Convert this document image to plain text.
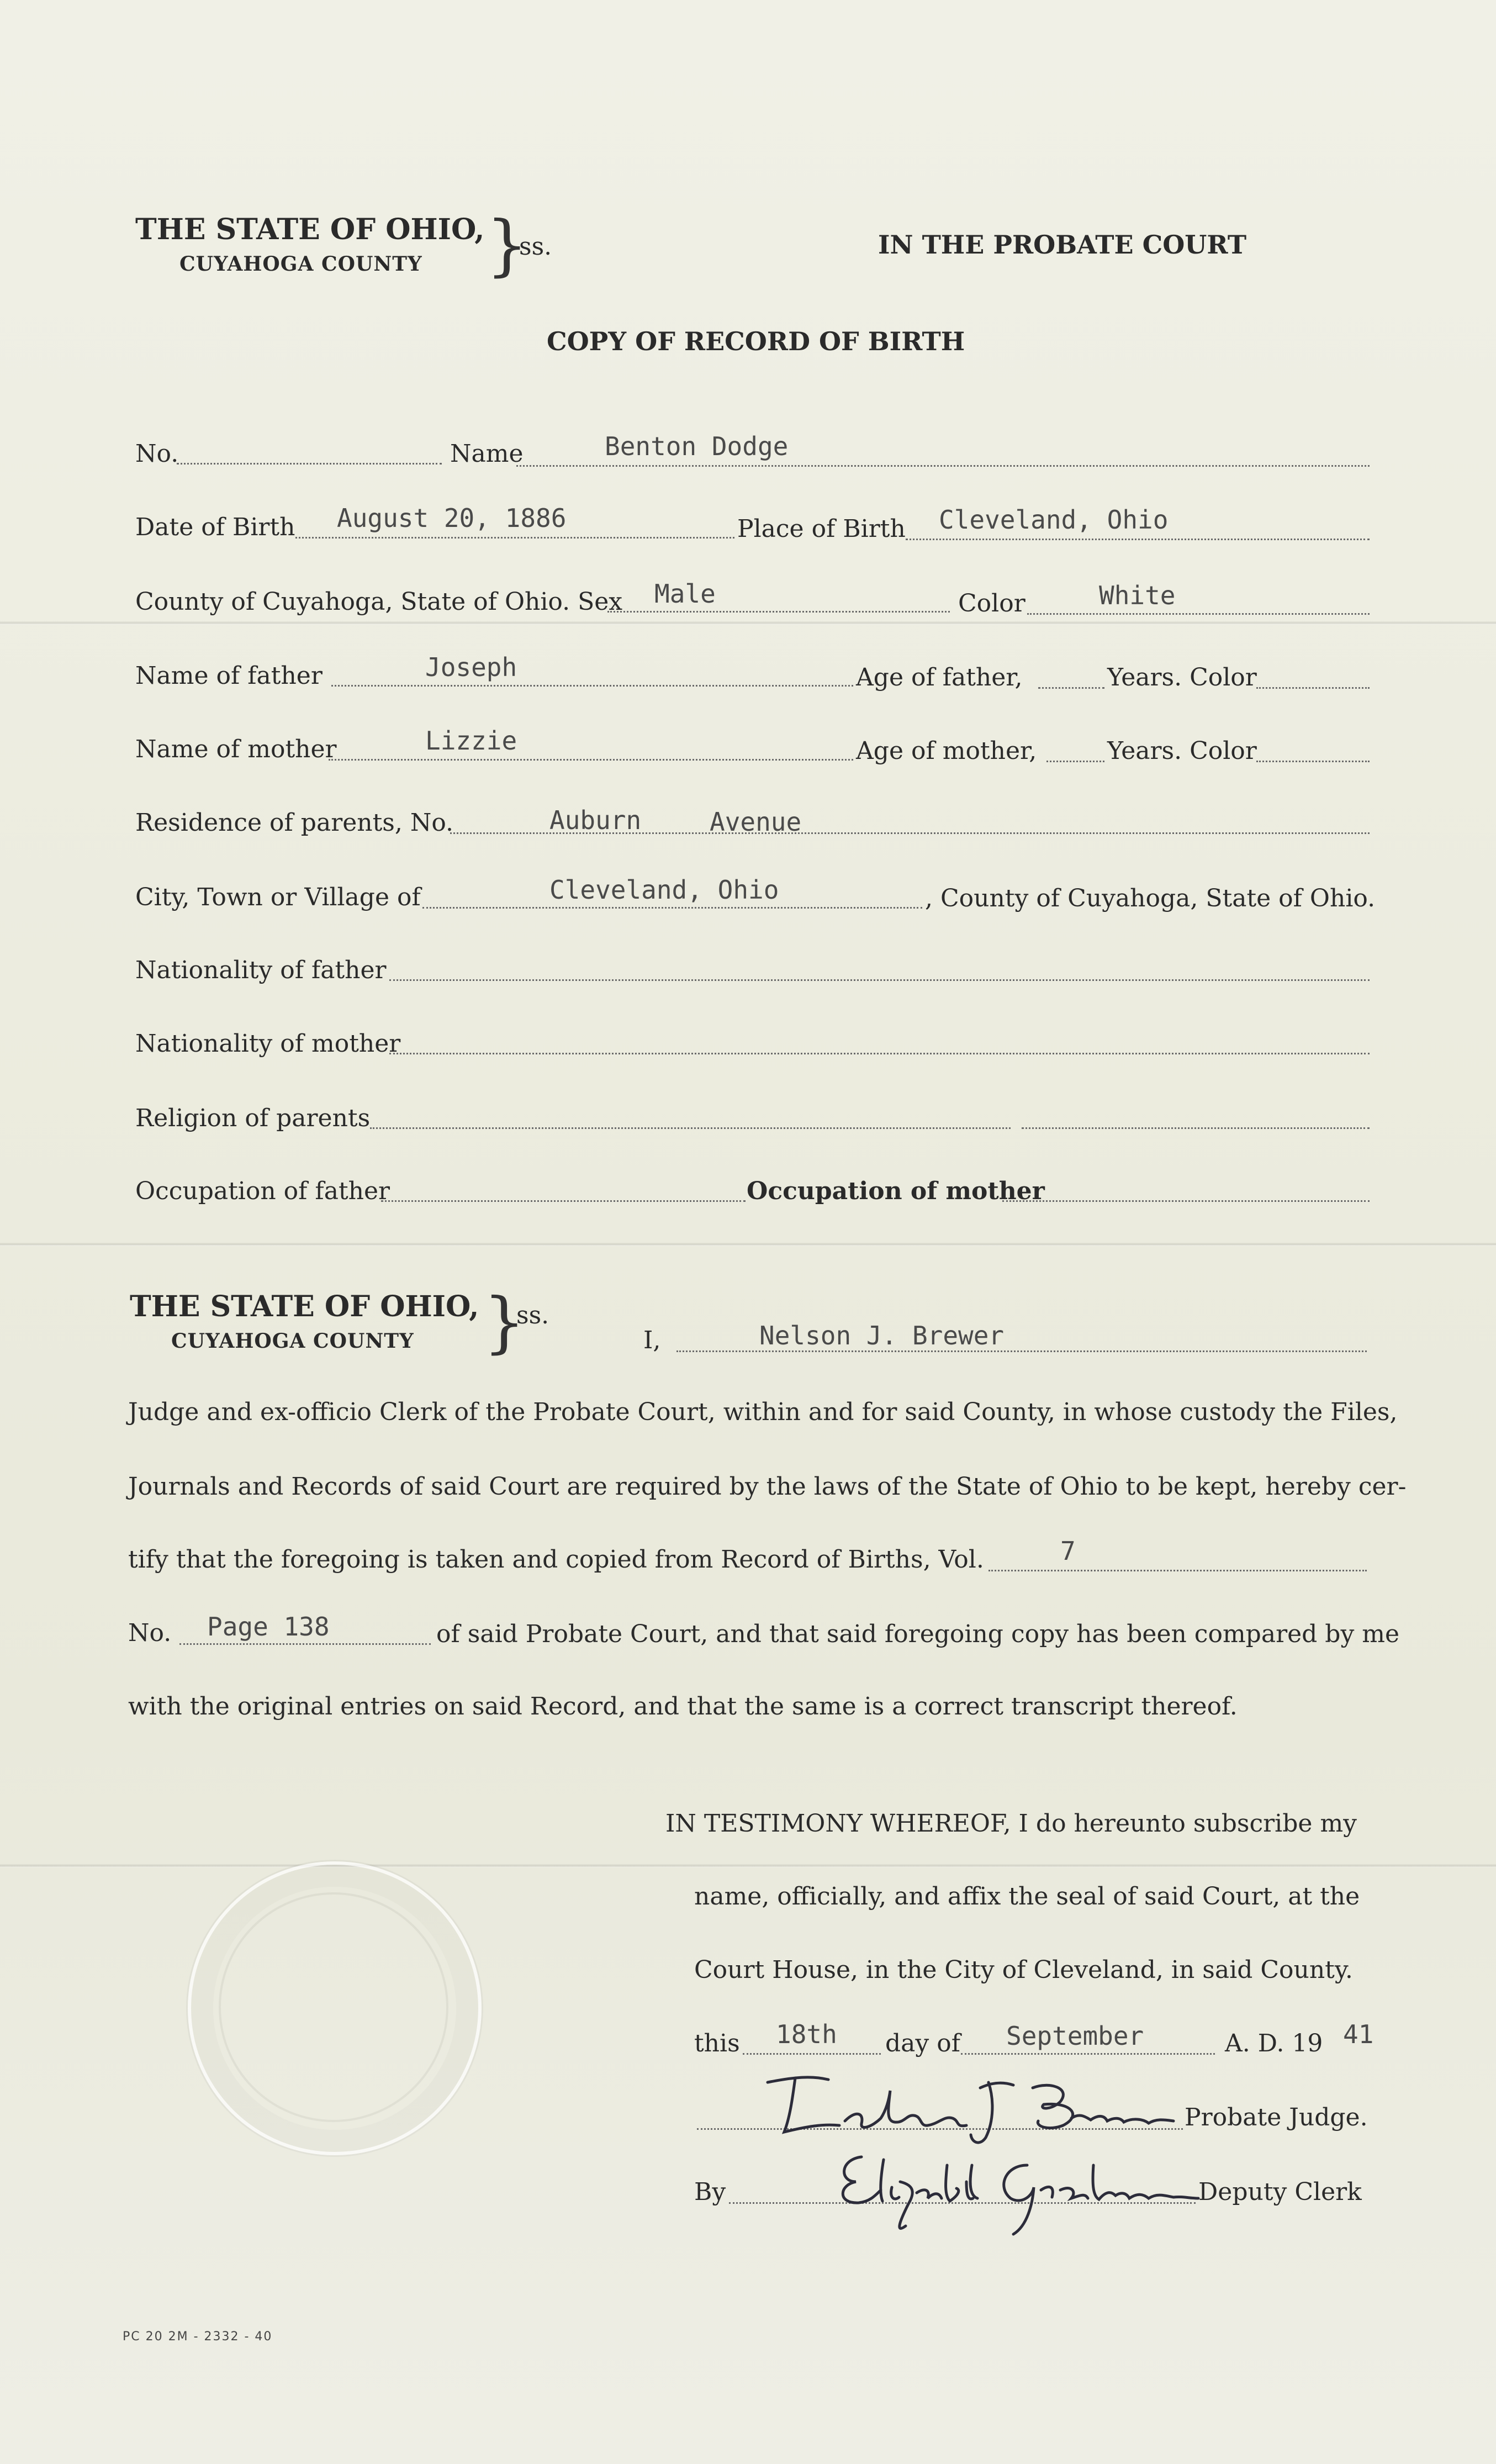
THE STATE OF OHIO,
CUYAHOGA COUNTY }
ss.	IN THE PROBATE COURT
COPY OF RECORD OF BIRTH
No.	Name	Benton Dodge
Date of Birth August 20, 1886	Place of Birth Cleveland, Ohio
County of Cuyahoga, State of Ohio. Sex Male	Color	White
Name of father	Joseph	Age of father,	Years. Color
Name of mother	Lizzie	Age of mother,	Years. Color
Residence of parents, No.	Auburn	Avenue
City, Town or Village of	Cleveland, Ohio	, County of Cuyahoga, State of Ohio.
Nationality of father
Nationality of mother
Religion of parents
Occupation of father	Occupation of mother
THE STATE OF OHIO,
CUYAHOGA COUNTY }
ss.
I,	Nelson J. Brewer
Judge and ex-officio Clerk of the Probate Court, within and for said County, in whose custody the Files,
Journals and Records of said Court are required by the laws of the State of Ohio to be kept, hereby cer-
tify that the foregoing is taken and copied from Record of Births, Vol.	7
No. Page 138	of said Probate Court, and that said foregoing copy has been compared by me
with the original entries on said Record, and that the same is a correct transcript thereof.
IN TESTIMONY WHEREOF, I do hereunto subscribe my
name, officially, and affix the seal of said Court, at the
Court House, in the City of Cleveland, in said County.
this 18th day of September	A. D. 19 41
Probate Judge.
By	Deputy Clerk
PC 20 2M - 2332 - 40
